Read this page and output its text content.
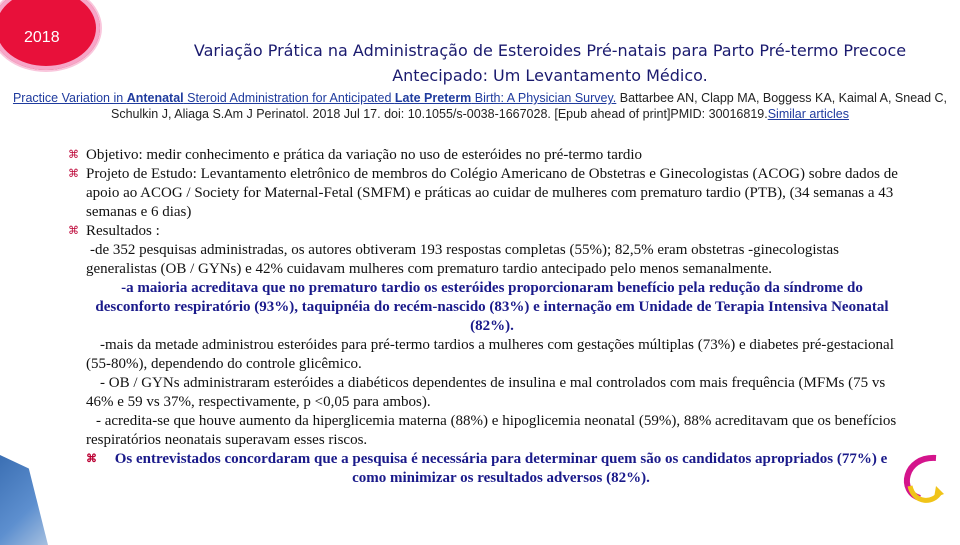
2018
Variação Prática na Administração de Esteroides Pré-natais para Parto Pré-termo Precoce
Antecipado: Um Levantamento Médico.
Practice Variation in Antenatal Steroid Administration for Anticipated Late Preterm Birth: A Physician Survey. Battarbee AN, Clapp MA, Boggess KA, Kaimal A, Snead C, Schulkin J, Aliaga S.Am J Perinatol. 2018 Jul 17. doi: 10.1055/s-0038-1667028. [Epub ahead of print]PMID: 30016819.Similar articles
⌘ Objetivo: medir conhecimento e prática da variação no uso de esteróides no pré-termo tardio
⌘ Projeto de Estudo: Levantamento eletrônico de membros do Colégio Americano de Obstetras e Ginecologistas (ACOG) sobre dados de apoio ao ACOG / Society for Maternal-Fetal (SMFM) e práticas ao cuidar de mulheres com prematuro tardio (PTB), (34 semanas a 43 semanas e 6 dias)
⌘ Resultados :
-de 352 pesquisas administradas, os autores obtiveram 193 respostas completas (55%); 82,5% eram obstetras -ginecologistas generalistas (OB / GYNs) e 42% cuidavam mulheres com prematuro tardio antecipado pelo menos semanalmente.
-a maioria acreditava que no prematuro tardio os esteróides proporcionaram benefício pela redução da síndrome do desconforto respiratório (93%), taquipnéia do recém-nascido (83%) e internação em Unidade de Terapia Intensiva Neonatal (82%).
-mais da metade administrou esteróides para pré-termo tardios a mulheres com gestações múltiplas (73%) e diabetes pré-gestacional (55-80%), dependendo do controle glicêmico.
- OB / GYNs administraram esteróides a diabéticos dependentes de insulina e mal controlados com mais frequência (MFMs (75 vs 46% e 59 vs 37%, respectivamente, p <0,05 para ambos).
- acredita-se que houve aumento da hiperglicemia materna (88%) e hipoglicemia neonatal (59%), 88% acreditavam que os benefícios respiratórios neonatais superavam esses riscos.
⌘ Os entrevistados concordaram que a pesquisa é necessária para determinar quem são os candidatos apropriados (77%) e como minimizar os resultados adversos (82%).
